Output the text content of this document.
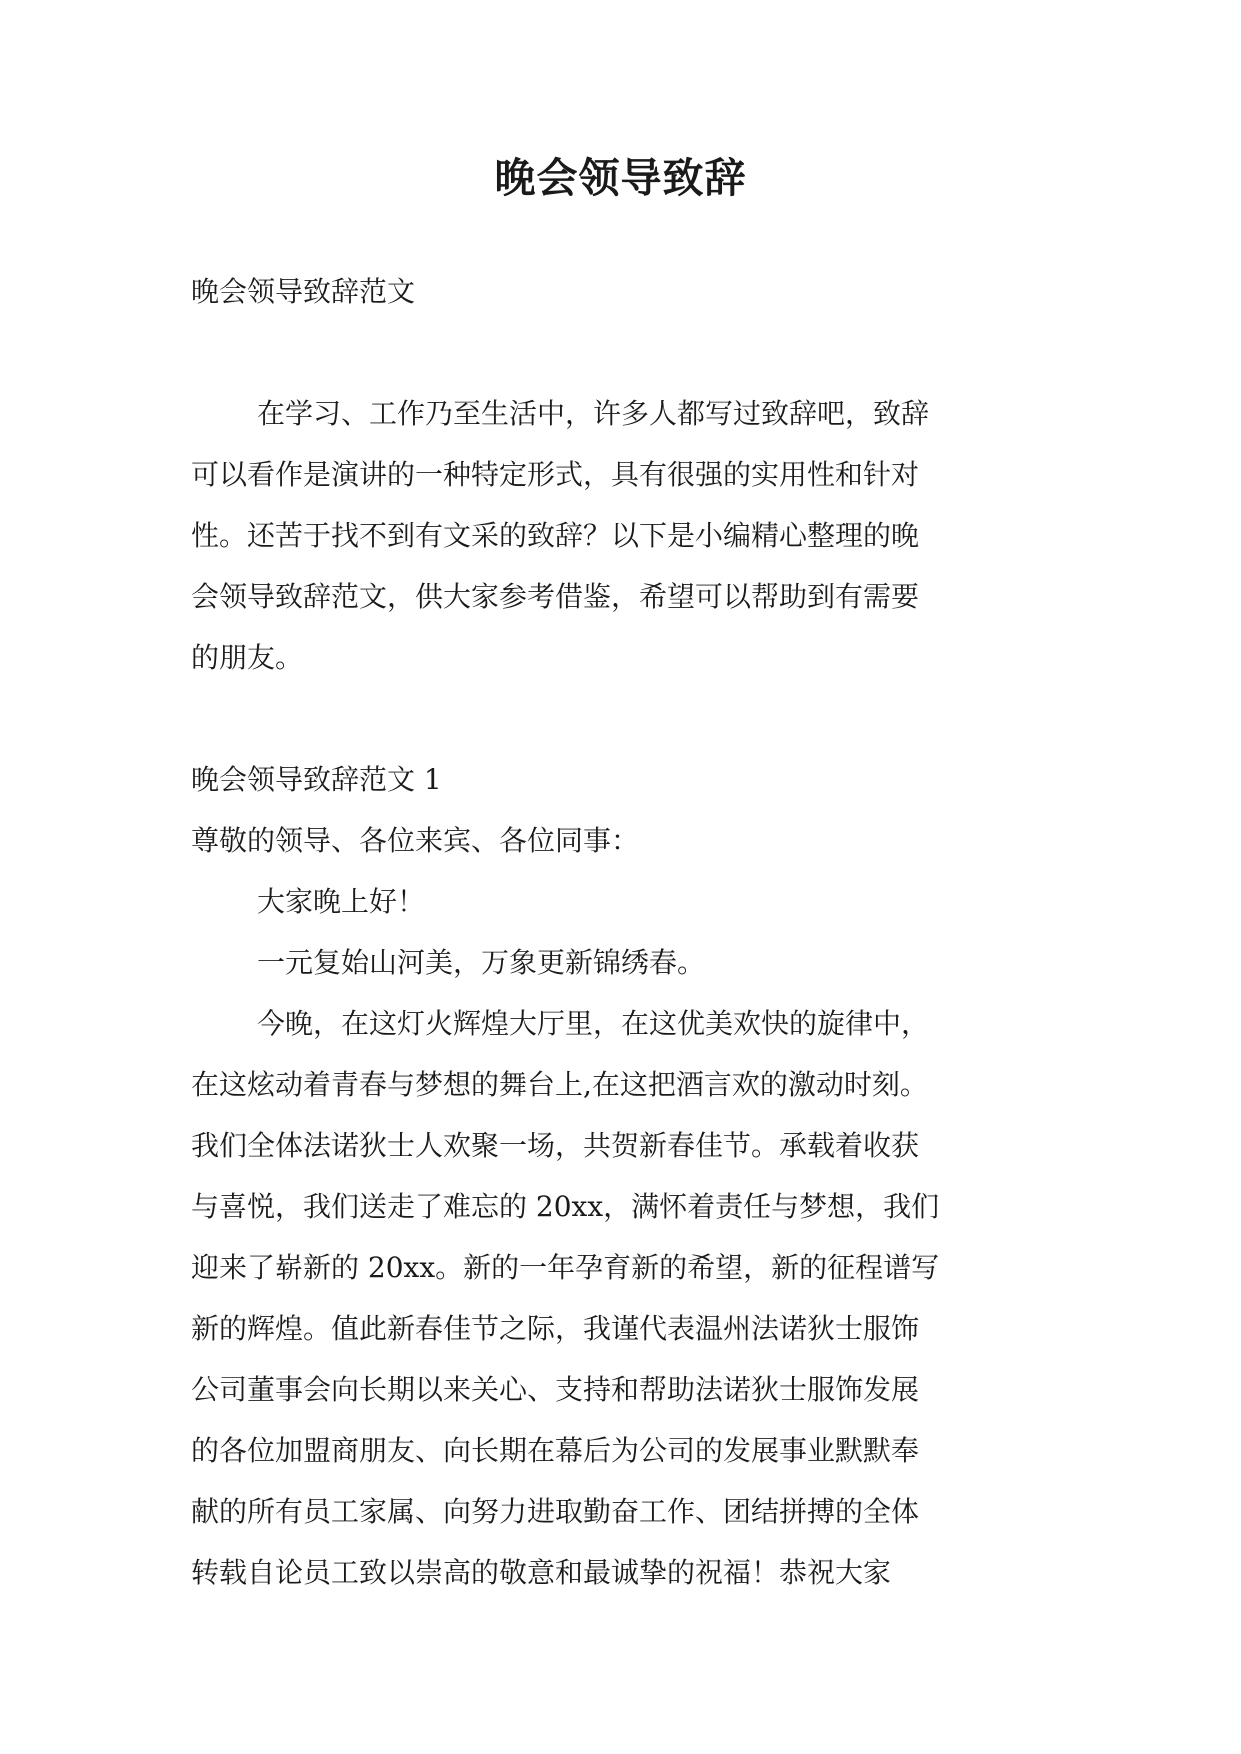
晚会领导致辞
晚会领导致辞范文
在学习、工作乃至生活中，许多人都写过致辞吧，致辞
可以看作是演讲的一种特定形式，具有很强的实用性和针对
性。还苦于找不到有文采的致辞？以下是小编精心整理的晚
会领导致辞范文，供大家参考借鉴，希望可以帮助到有需要
的朋友。
晚会领导致辞范文 1
尊敬的领导、各位来宾、各位同事：
大家晚上好！
一元复始山河美，万象更新锦绣春。
今晚，在这灯火辉煌大厅里，在这优美欢快的旋律中，
在这炫动着青春与梦想的舞台上,在这把酒言欢的激动时刻。
我们全体法诺狄士人欢聚一场，共贺新春佳节。承载着收获
与喜悦，我们送走了难忘的 20xx，满怀着责任与梦想，我们
迎来了崭新的 20xx。新的一年孕育新的希望，新的征程谱写
新的辉煌。值此新春佳节之际，我谨代表温州法诺狄士服饰
公司董事会向长期以来关心、支持和帮助法诺狄士服饰发展
的各位加盟商朋友、向长期在幕后为公司的发展事业默默奉
献的所有员工家属、向努力进取勤奋工作、团结拼搏的全体
转载自论员工致以崇高的敬意和最诚挚的祝福！恭祝大家
